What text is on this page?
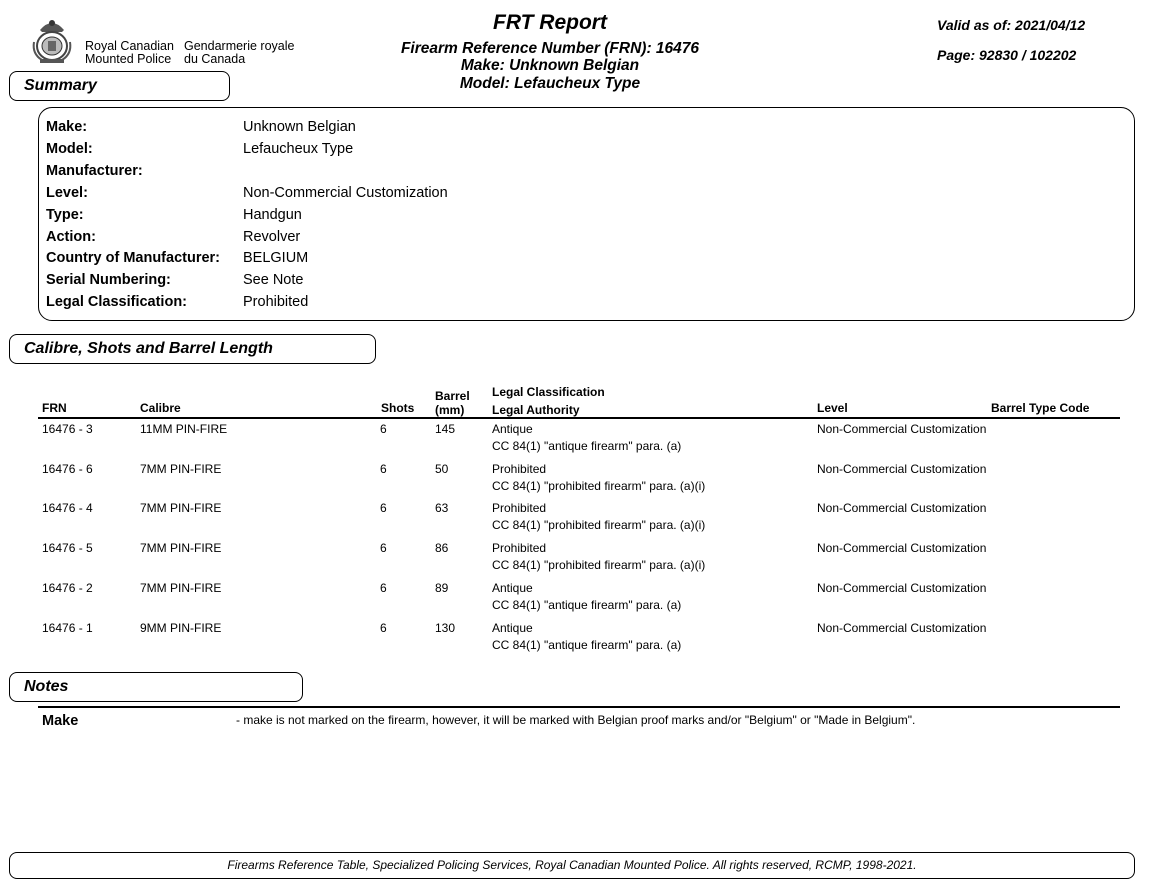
Royal Canadian
Mounted Police
Gendarmerie royale
du Canada
FRT Report
Firearm Reference Number (FRN): 16476
Make: Unknown Belgian
Model: Lefaucheux Type
Valid as of: 2021/04/12
Page: 92830 / 102202
Summary
Make:	Unknown Belgian
Model:	Lefaucheux Type
Manufacturer:
Level:	Non-Commercial Customization
Type:	Handgun
Action:	Revolver
Country of Manufacturer: BELGIUM
Serial Numbering:	See Note
Legal Classification:	Prohibited
Calibre, Shots and Barrel Length
FRN	Calibre	Shots
Barrel
(mm)
Legal Classification
Legal Authority	Level	Barrel Type Code
16476 - 3	11MM PIN-FIRE	6	145	Antique	Non-Commercial Customization
CC 84(1) "antique firearm" para. (a)
16476 - 6	7MM PIN-FIRE	6	50	Prohibited	Non-Commercial Customization
CC 84(1) "prohibited firearm" para. (a)(i)
16476 - 4	7MM PIN-FIRE	6	63	Prohibited	Non-Commercial Customization
CC 84(1) "prohibited firearm" para. (a)(i)
16476 - 5	7MM PIN-FIRE	6	86	Prohibited	Non-Commercial Customization
CC 84(1) "prohibited firearm" para. (a)(i)
16476 - 2	7MM PIN-FIRE	6	89	Antique	Non-Commercial Customization
CC 84(1) "antique firearm" para. (a)
16476 - 1	9MM PIN-FIRE	6	130	Antique	Non-Commercial Customization
CC 84(1) "antique firearm" para. (a)
Notes
Make	- make is not marked on the firearm, however, it will be marked with Belgian proof marks and/or "Belgium" or "Made in Belgium".
Firearms Reference Table, Specialized Policing Services, Royal Canadian Mounted Police. All rights reserved, RCMP, 1998-2021.
